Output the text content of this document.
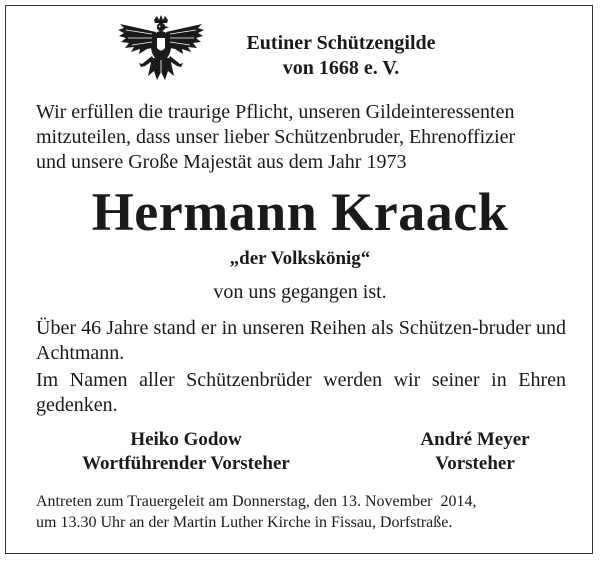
Eutiner Schützengilde
von 1668 e. V.
Wir erfüllen die traurige Pflicht, unseren Gildeinteressenten
mitzuteilen, dass unser lieber Schützenbruder, Ehrenoffizier
und unsere Große Majestät aus dem Jahr 1973
Hermann Kraack
„der Volkskönig“
von uns gegangen ist.
Über 46 Jahre stand er in unseren Reihen als Schützen-bruder und Achtmann.
Im Namen aller Schützenbrüder werden wir seiner in Ehren gedenken.
Heiko Godow
Wortführender Vorsteher
André Meyer
Vorsteher
Antreten zum Trauergeleit am Donnerstag, den 13. November  2014,
um 13.30 Uhr an der Martin Luther Kirche in Fissau, Dorfstraße.
